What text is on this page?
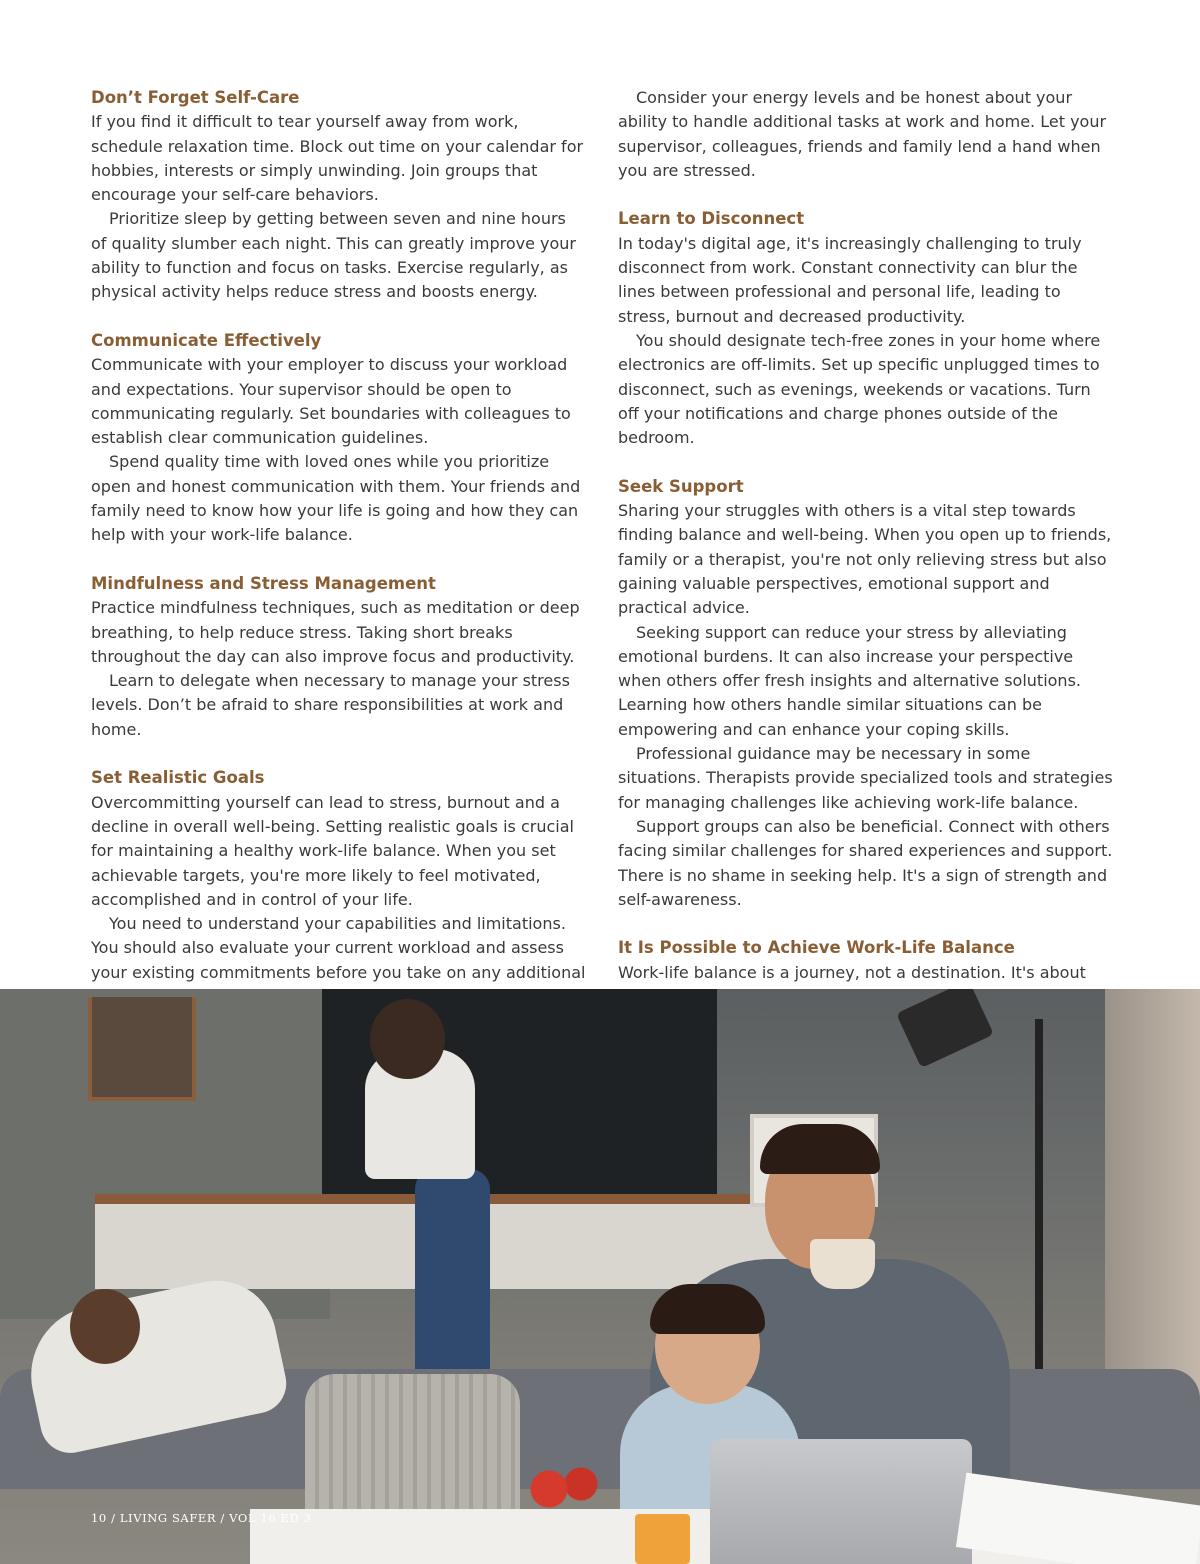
Don’t Forget Self-Care

If you find it difficult to tear yourself away from work, schedule relaxation time. Block out time on your calendar for hobbies, interests or simply unwinding. Join groups that encourage your self-care behaviors.

Prioritize sleep by getting between seven and nine hours of quality slumber each night. This can greatly improve your ability to function and focus on tasks. Exercise regularly, as physical activity helps reduce stress and boosts energy.

Communicate Effectively

Communicate with your employer to discuss your workload and expectations. Your supervisor should be open to communicating regularly. Set boundaries with colleagues to establish clear communication guidelines.

Spend quality time with loved ones while you prioritize open and honest communication with them. Your friends and family need to know how your life is going and how they can help with your work-life balance.

Mindfulness and Stress Management

Practice mindfulness techniques, such as meditation or deep breathing, to help reduce stress. Taking short breaks throughout the day can also improve focus and productivity.

Learn to delegate when necessary to manage your stress levels. Don’t be afraid to share responsibilities at work and home.

Set Realistic Goals

Overcommitting yourself can lead to stress, burnout and a decline in overall well-being. Setting realistic goals is crucial for maintaining a healthy work-life balance. When you set achievable targets, you're more likely to feel motivated, accomplished and in control of your life.

You need to understand your capabilities and limitations. You should also evaluate your current workload and assess your existing commitments before you take on any additional

Consider your energy levels and be honest about your ability to handle additional tasks at work and home. Let your supervisor, colleagues, friends and family lend a hand when you are stressed.

Learn to Disconnect

In today's digital age, it's increasingly challenging to truly disconnect from work. Constant connectivity can blur the lines between professional and personal life, leading to stress, burnout and decreased productivity.

You should designate tech-free zones in your home where electronics are off-limits. Set up specific unplugged times to disconnect, such as evenings, weekends or vacations. Turn off your notifications and charge phones outside of the bedroom.

Seek Support

Sharing your struggles with others is a vital step towards finding balance and well-being. When you open up to friends, family or a therapist, you're not only relieving stress but also gaining valuable perspectives, emotional support and practical advice.

Seeking support can reduce your stress by alleviating emotional burdens. It can also increase your perspective when others offer fresh insights and alternative solutions. Learning how others handle similar situations can be empowering and can enhance your coping skills.

Professional guidance may be necessary in some situations. Therapists provide specialized tools and strategies for managing challenges like achieving work-life balance.

Support groups can also be beneficial. Connect with others facing similar challenges for shared experiences and support. There is no shame in seeking help. It's a sign of strength and self-awareness.

It Is Possible to Achieve Work-Life Balance

Work-life balance is a journey, not a destination. It's about

10 / LIVING SAFER / VOL 16 ED 3
